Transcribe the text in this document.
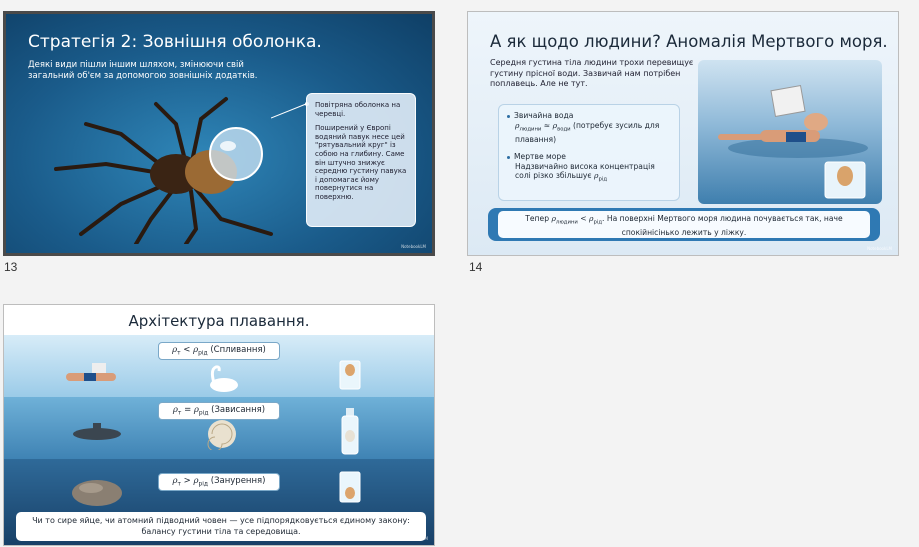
Стратегія 2: Зовнішня оболонка.
Деякі види пішли іншим шляхом, змінюючи свій загальний об'єм за допомогою зовнішніх додатків.

Повітряна оболонка на черевці.

Поширений у Європі водяний павук несе цей "рятувальний круг" із собою на глибину. Саме він штучно знижує середню густину павука і допомагає йому повернутися на поверхню.

NotebookLM
13
А як щодо людини? Аномалія Мертвого моря.
Середня густина тіла людини трохи перевищує густину прісної води. Зазвичай нам потрібен поплавець. Але не тут.
Звичайна вода
$\rho_{людини} \approx \rho_{води}$ (потребує зусиль для плавання)
Мертве море
Надзвичайно висока концентрація солі різко збільшує $\rho_{рід}$
Тепер $\rho_{людини} < \rho_{рід}$. На поверхні Мертвого моря людина почувається так, наче спокійнісінько лежить у ліжку.
NotebookLM
14
Архітектура плавання.
$\rho_т < \rho_{рід}$ (Спливання)
$\rho_т = \rho_{рід}$ (Зависання)
$\rho_т > \rho_{рід}$ (Занурення)
Чи то сире яйце, чи атомний підводний човен — усе підпорядковується єдиному закону: балансу густини тіла та середовища.
NotebookLM
